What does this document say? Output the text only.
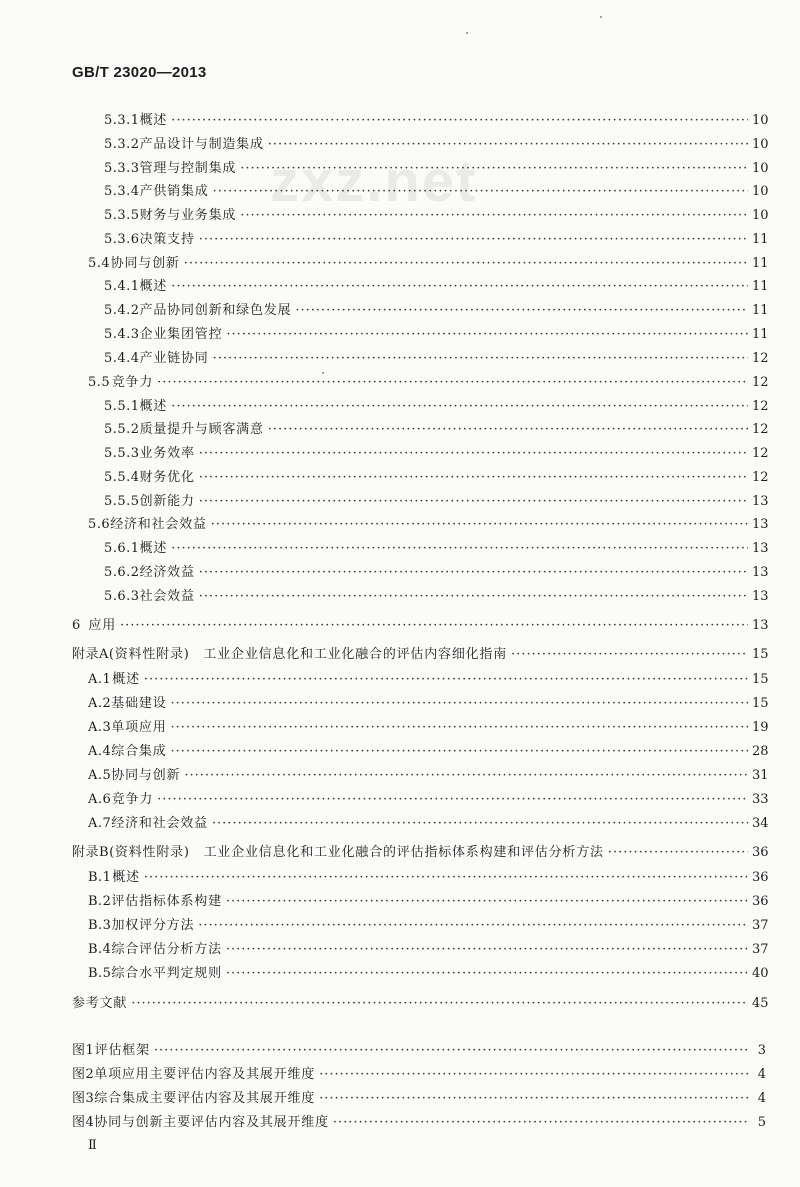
GB/T 23020—2013
zxz.net
5.3.1 概述 ·····	10
5.3.2 产品设计与制造集成 ·····	10
5.3.3 管理与控制集成 ·····	10
5.3.4 产供销集成 ·····	10
5.3.5 财务与业务集成 ·····	10
5.3.6 决策支持 ·····	11
5.4 协同与创新 ·····	11
5.4.1 概述 ·····	11
5.4.2 产品协同创新和绿色发展 ·····	11
5.4.3 企业集团管控 ·····	11
5.4.4 产业链协同 ·····	12
5.5 竞争力 ·····	12
5.5.1 概述 ·····	12
5.5.2 质量提升与顾客满意 ·····	12
5.5.3 业务效率 ·····	12
5.5.4 财务优化 ·····	12
5.5.5 创新能力 ·····	13
5.6 经济和社会效益 ·····	13
5.6.1 概述 ·····	13
5.6.2 经济效益 ·····	13
5.6.3 社会效益 ·····	13
6 应用 ·····	13
附录A (资料性附录)　工业企业信息化和工业化融合的评估内容细化指南 ·····	15
A.1 概述 ·····	15
A.2 基础建设 ·····	15
A.3 单项应用 ·····	19
A.4 综合集成 ·····	28
A.5 协同与创新 ·····	31
A.6 竞争力 ·····	33
A.7 经济和社会效益 ·····	34
附录B (资料性附录)　工业企业信息化和工业化融合的评估指标体系构建和评估分析方法 ·····	36
B.1 概述 ·····	36
B.2 评估指标体系构建 ·····	36
B.3 加权评分方法 ·····	37
B.4 综合评估分析方法 ·····	37
B.5 综合水平判定规则 ·····	40
参考文献 ·····	45
图1 评估框架 ·····	3
图2 单项应用主要评估内容及其展开维度 ·····	4
图3 综合集成主要评估内容及其展开维度 ·····	4
图4 协同与创新主要评估内容及其展开维度 ·····	5
Ⅱ
